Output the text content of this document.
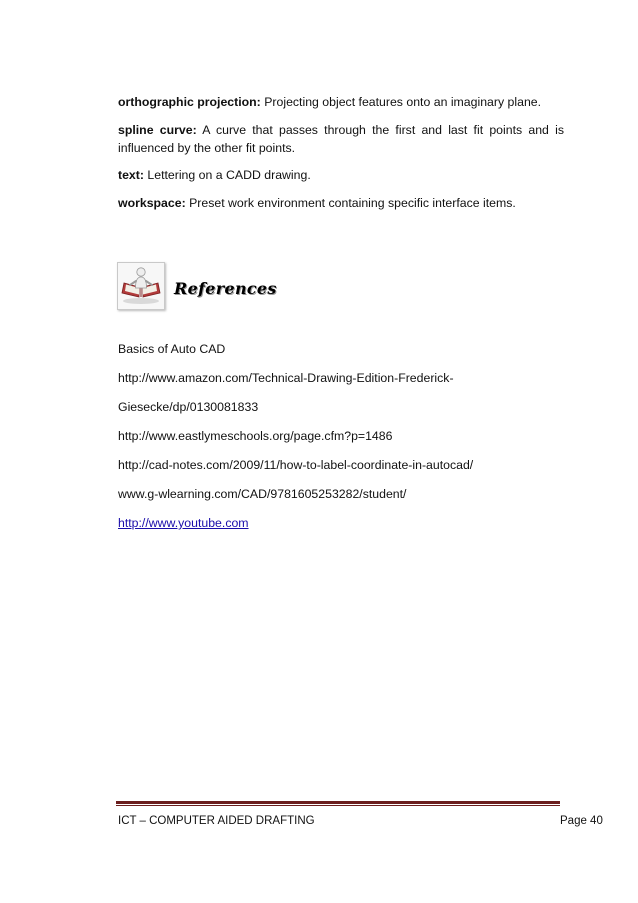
orthographic projection: Projecting object features onto an imaginary plane.
spline curve: A curve that passes through the first and last fit points and is influenced by the other fit points.
text: Lettering on a CADD drawing.
workspace: Preset work environment containing specific interface items.
References
Basics of Auto CAD
http://www.amazon.com/Technical-Drawing-Edition-Frederick-
Giesecke/dp/0130081833
http://www.eastlymeschools.org/page.cfm?p=1486
http://cad-notes.com/2009/11/how-to-label-coordinate-in-autocad/
www.g-wlearning.com/CAD/9781605253282/student/
http://www.youtube.com
ICT – COMPUTER AIDED DRAFTING	Page 40
